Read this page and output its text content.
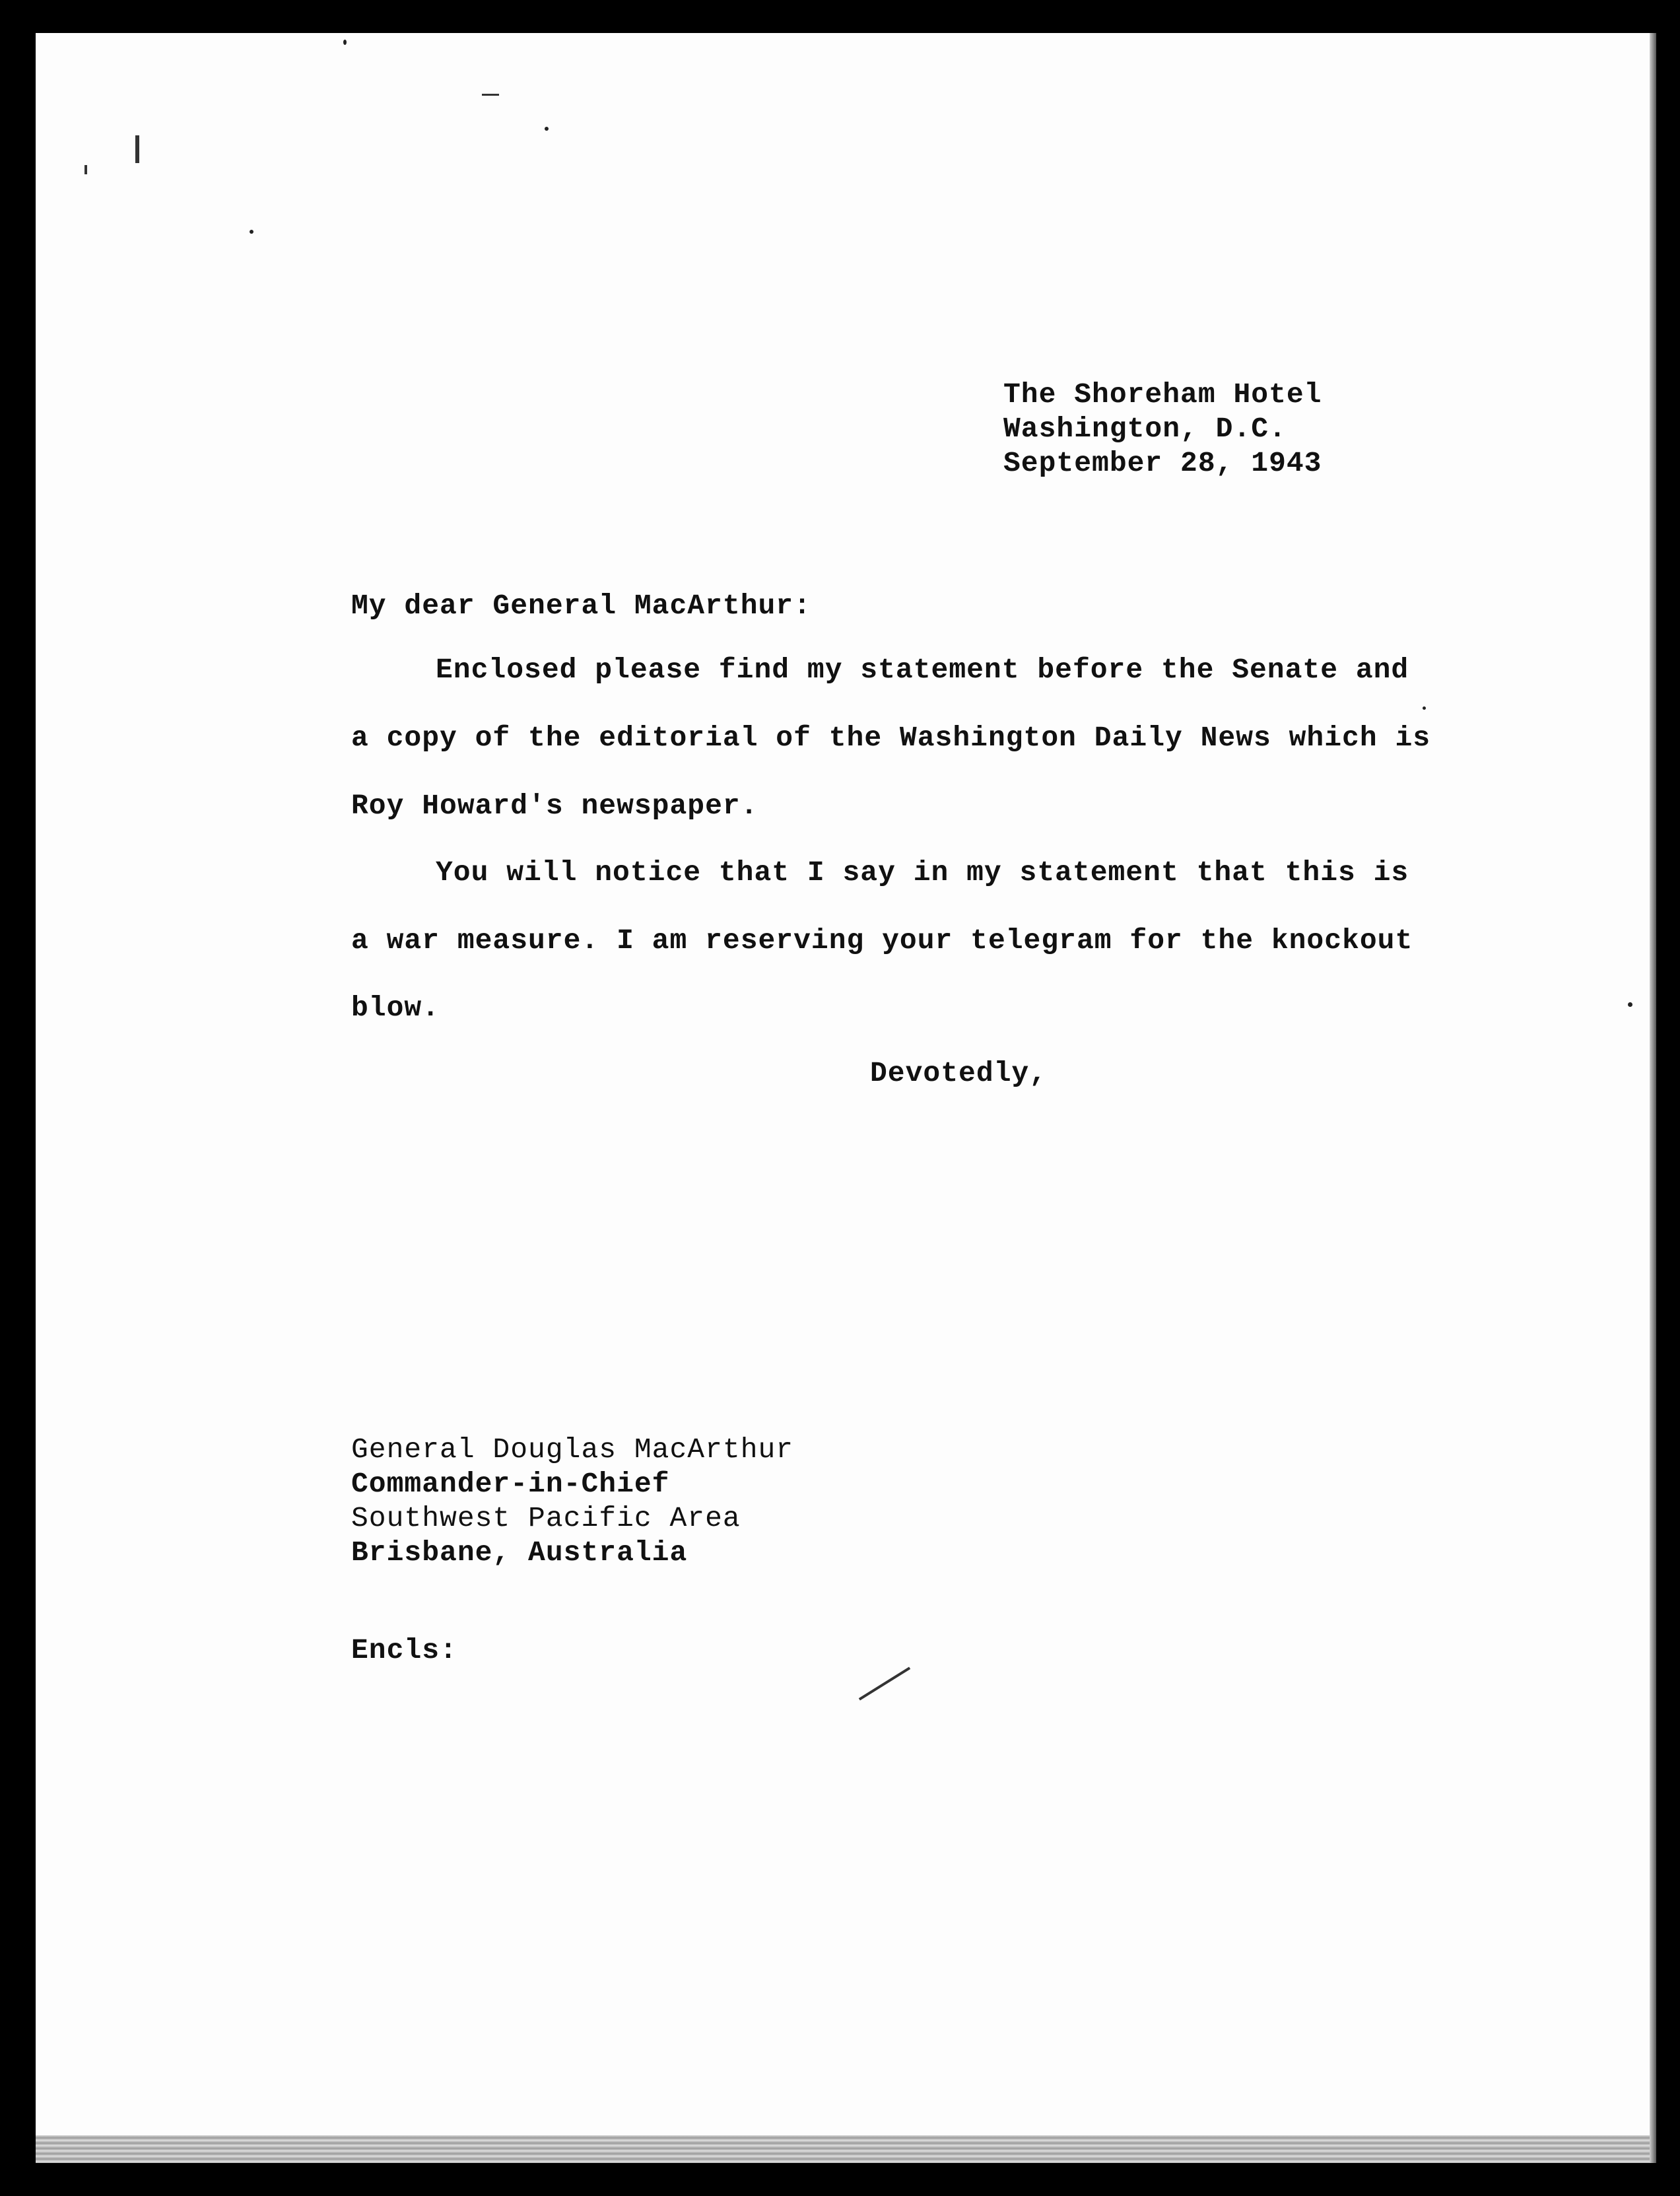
The Shoreham Hotel
Washington, D.C.
September 28, 1943
My dear General MacArthur:
Enclosed please find my statement before the Senate and
a copy of the editorial of the Washington Daily News which is
Roy Howard's newspaper.
You will notice that I say in my statement that this is
a war measure. I am reserving your telegram for the knockout
blow.
Devotedly,
General Douglas MacArthur
Commander-in-Chief
Southwest Pacific Area
Brisbane, Australia
Encls:
